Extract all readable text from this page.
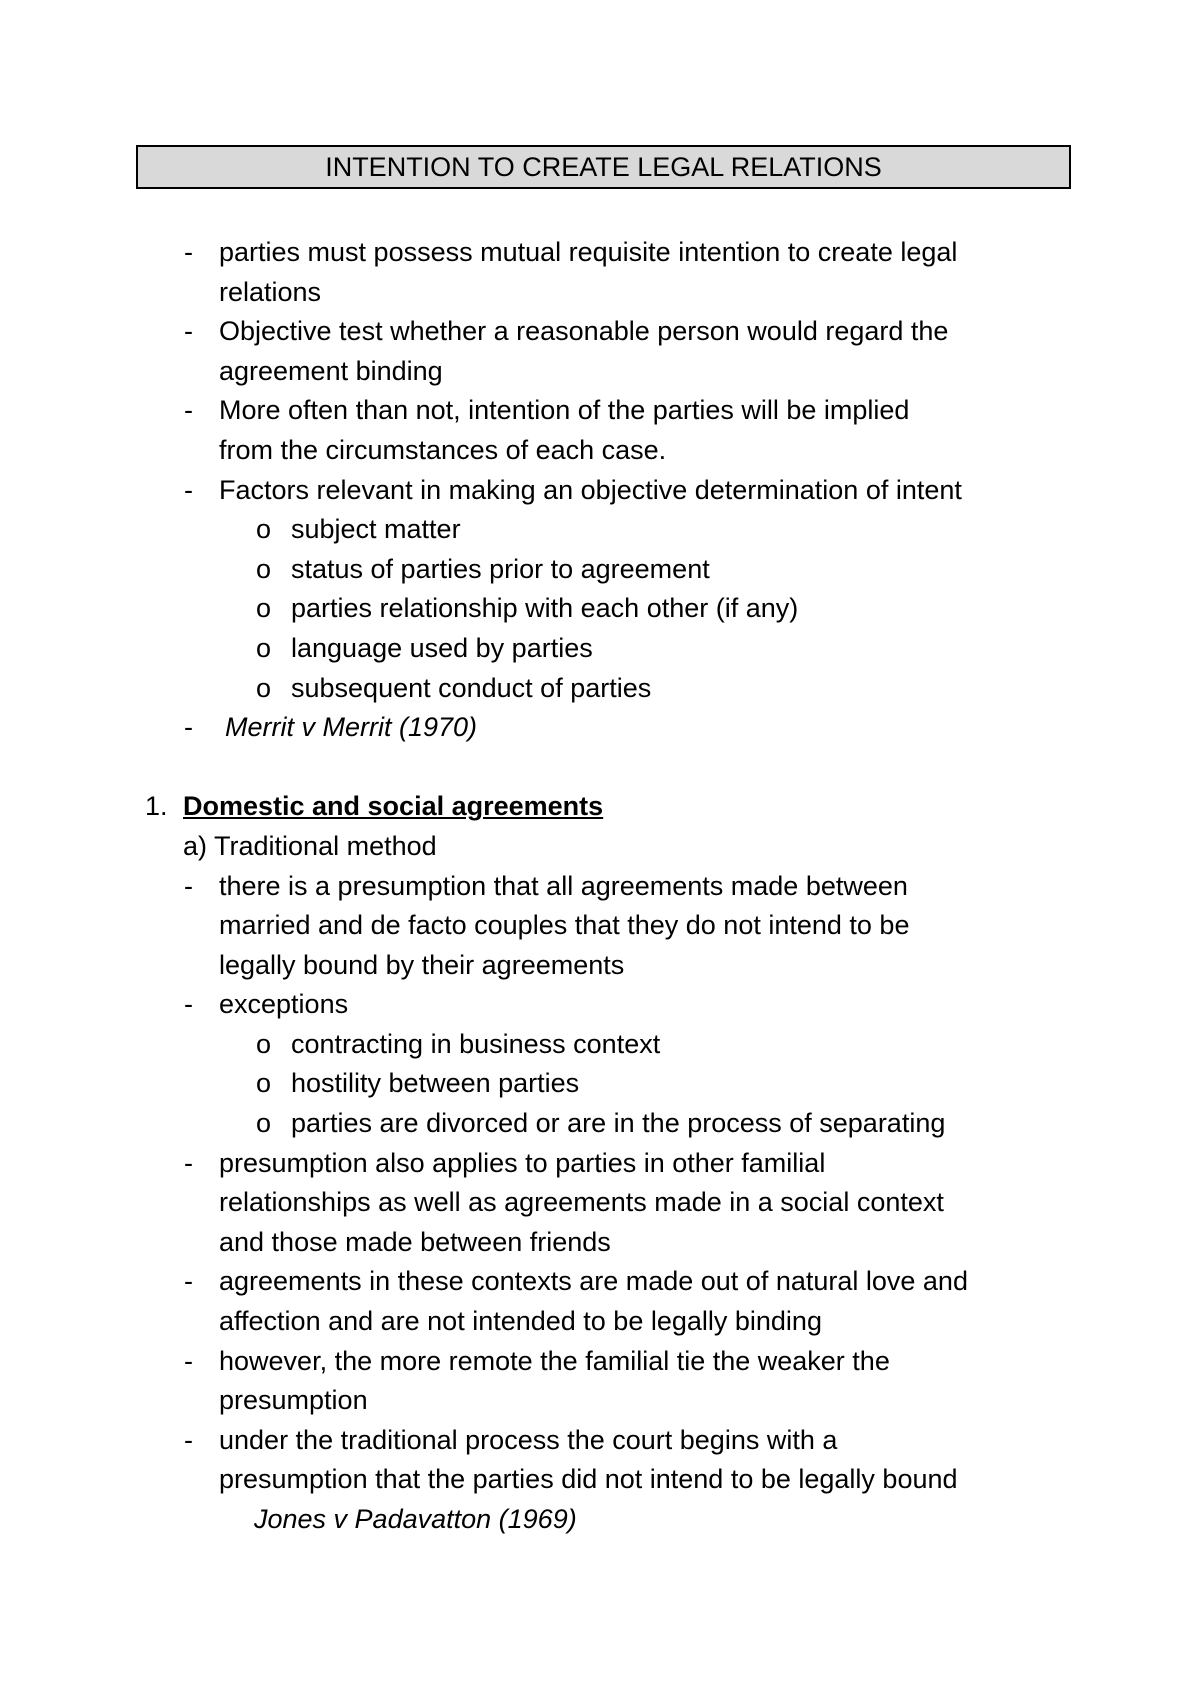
INTENTION TO CREATE LEGAL RELATIONS
- parties must possess mutual requisite intention to create legal
relations
- Objective test whether a reasonable person would regard the
agreement binding
- More often than not, intention of the parties will be implied
from the circumstances of each case.
- Factors relevant in making an objective determination of intent
o subject matter
o status of parties prior to agreement
o parties relationship with each other (if any)
o language used by parties
o subsequent conduct of parties
- Merrit v Merrit (1970)
1. Domestic and social agreements
a) Traditional method
- there is a presumption that all agreements made between
married and de facto couples that they do not intend to be
legally bound by their agreements
- exceptions
o contracting in business context
o hostility between parties
o parties are divorced or are in the process of separating
- presumption also applies to parties in other familial
relationships as well as agreements made in a social context
and those made between friends
- agreements in these contexts are made out of natural love and
affection and are not intended to be legally binding
- however, the more remote the familial tie the weaker the
presumption
- under the traditional process the court begins with a
presumption that the parties did not intend to be legally bound
Jones v Padavatton (1969)
